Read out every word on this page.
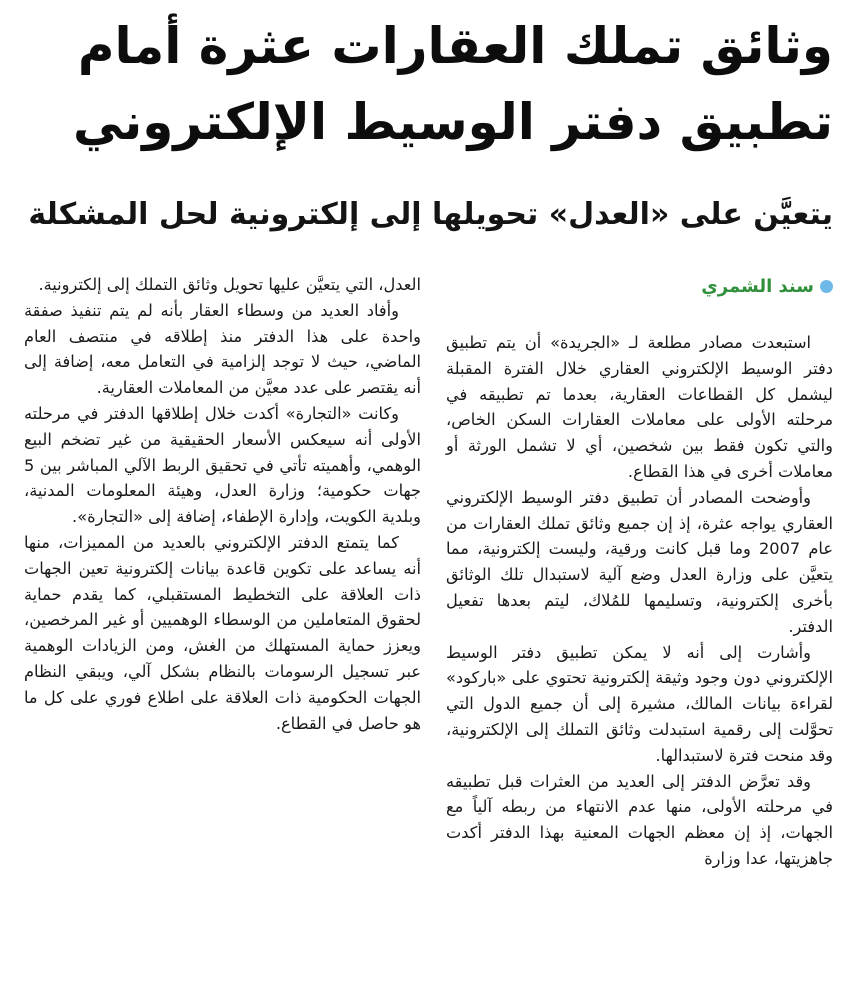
وثائق تملك العقارات عثرة أمام تطبيق دفتر الوسيط الإلكتروني
يتعيَّن على «العدل» تحويلها إلى إلكترونية لحل المشكلة
سند الشمري

استبعدت مصادر مطلعة لـ «الجريدة» أن يتم تطبيق دفتر الوسيط الإلكتروني العقاري خلال الفترة المقبلة ليشمل كل القطاعات العقارية، بعدما تم تطبيقه في مرحلته الأولى على معاملات العقارات السكن الخاص، والتي تكون فقط بين شخصين، أي لا تشمل الورثة أو معاملات أخرى في هذا القطاع.

وأوضحت المصادر أن تطبيق دفتر الوسيط الإلكتروني العقاري يواجه عثرة، إذ إن جميع وثائق تملك العقارات من عام 2007 وما قبل كانت ورقية، وليست إلكترونية، مما يتعيَّن على وزارة العدل وضع آلية لاستبدال تلك الوثائق بأخرى إلكترونية، وتسليمها للمُلاك، ليتم بعدها تفعيل الدفتر.

وأشارت إلى أنه لا يمكن تطبيق دفتر الوسيط الإلكتروني دون وجود وثيقة إلكترونية تحتوي على «باركود» لقراءة بيانات المالك، مشيرة إلى أن جميع الدول التي تحوَّلت إلى رقمية استبدلت وثائق التملك إلى الإلكترونية، وقد منحت فترة لاستبدالها.

وقد تعرَّض الدفتر إلى العديد من العثرات قبل تطبيقه في مرحلته الأولى، منها عدم الانتهاء من ربطه آلياً مع الجهات، إذ إن معظم الجهات المعنية بهذا الدفتر أكدت جاهزيتها، عدا وزارة

العدل، التي يتعيَّن عليها تحويل وثائق التملك إلى إلكترونية.

وأفاد العديد من وسطاء العقار بأنه لم يتم تنفيذ صفقة واحدة على هذا الدفتر منذ إطلاقه في منتصف العام الماضي، حيث لا توجد إلزامية في التعامل معه، إضافة إلى أنه يقتصر على عدد معيَّن من المعاملات العقارية.

وكانت «التجارة» أكدت خلال إطلاقها الدفتر في مرحلته الأولى أنه سيعكس الأسعار الحقيقية من غير تضخم البيع الوهمي، وأهميته تأتي في تحقيق الربط الآلي المباشر بين 5 جهات حكومية؛ وزارة العدل، وهيئة المعلومات المدنية، وبلدية الكويت، وإدارة الإطفاء، إضافة إلى «التجارة».

كما يتمتع الدفتر الإلكتروني بالعديد من المميزات، منها أنه يساعد على تكوين قاعدة بيانات إلكترونية تعين الجهات ذات العلاقة على التخطيط المستقبلي، كما يقدم حماية لحقوق المتعاملين من الوسطاء الوهميين أو غير المرخصين، ويعزز حماية المستهلك من الغش، ومن الزيادات الوهمية عبر تسجيل الرسومات بالنظام بشكل آلي، ويبقي النظام الجهات الحكومية ذات العلاقة على اطلاع فوري على كل ما هو حاصل في القطاع.
